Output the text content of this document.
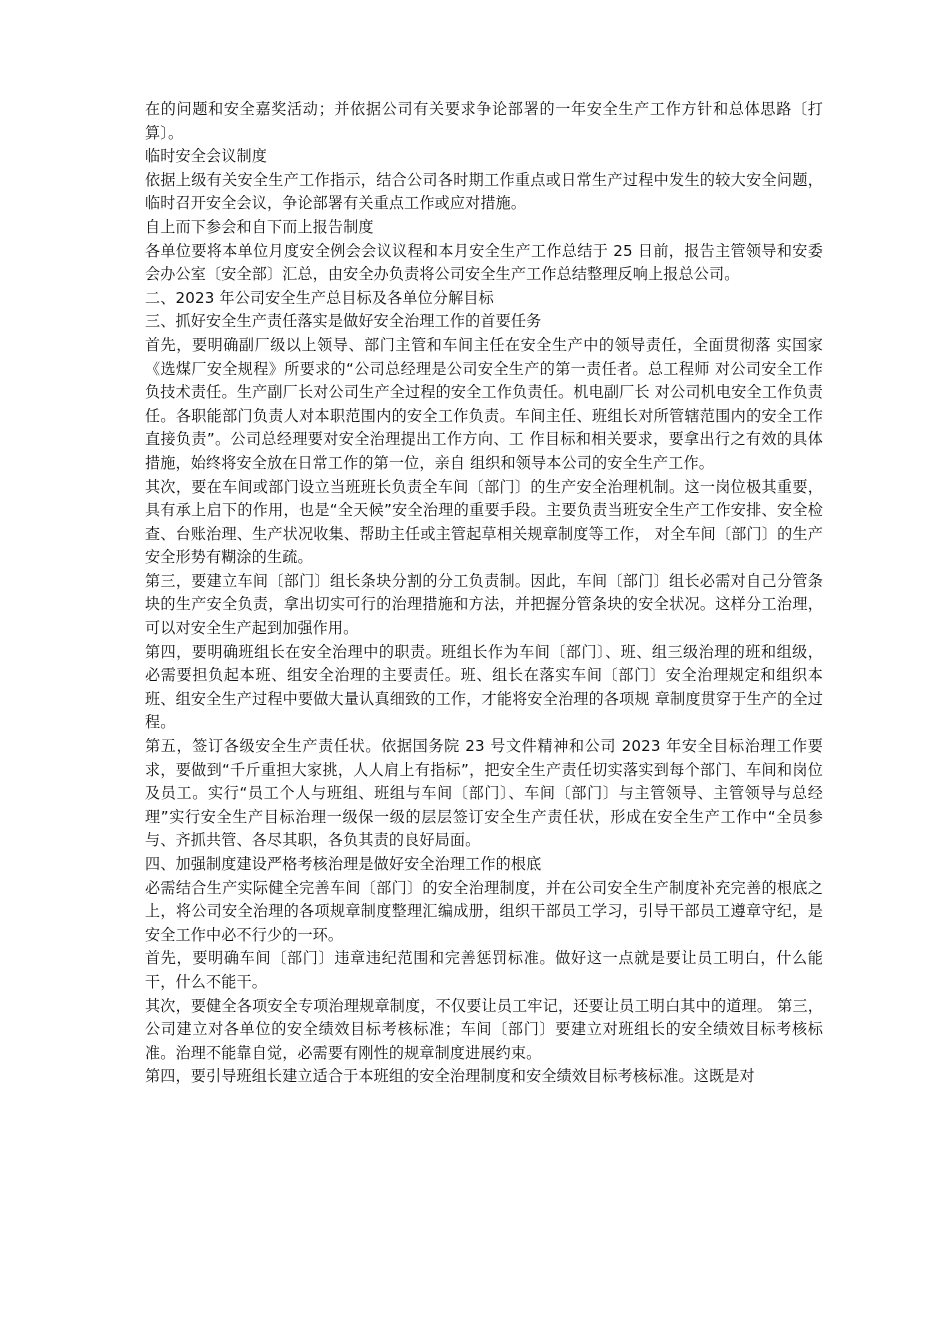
在的问题和安全嘉奖活动；并依据公司有关要求争论部署的一年安全生产工作方针和总体思路〔打算〕。

临时安全会议制度

依据上级有关安全生产工作指示，结合公司各时期工作重点或日常生产过程中发生的较大安全问题，临时召开安全会议，争论部署有关重点工作或应对措施。

自上而下参会和自下而上报告制度

各单位要将本单位月度安全例会会议议程和本月安全生产工作总结于 25 日前，报告主管领导和安委会办公室〔安全部〕汇总，由安全办负责将公司安全生产工作总结整理反响上报总公司。

二、2023 年公司安全生产总目标及各单位分解目标

三、抓好安全生产责任落实是做好安全治理工作的首要任务

首先，要明确副厂级以上领导、部门主管和车间主任在安全生产中的领导责任，全面贯彻落 实国家《选煤厂安全规程》所要求的“公司总经理是公司安全生产的第一责任者。总工程师 对公司安全工作负技术责任。生产副厂长对公司生产全过程的安全工作负责任。机电副厂长 对公司机电安全工作负责任。各职能部门负责人对本职范围内的安全工作负责。车间主任、班组长对所管辖范围内的安全工作直接负责”。公司总经理要对安全治理提出工作方向、工 作目标和相关要求，要拿出行之有效的具体措施，始终将安全放在日常工作的第一位，亲自 组织和领导本公司的安全生产工作。

其次，要在车间或部门设立当班班长负责全车间〔部门〕的生产安全治理机制。这一岗位极其重要，具有承上启下的作用，也是“全天候”安全治理的重要手段。主要负责当班安全生产工作安排、安全检查、台账治理、生产状况收集、帮助主任或主管起草相关规章制度等工作， 对全车间〔部门〕的生产安全形势有糊涂的生疏。

第三，要建立车间〔部门〕组长条块分割的分工负责制。因此，车间〔部门〕组长必需对自己分管条块的生产安全负责，拿出切实可行的治理措施和方法，并把握分管条块的安全状况。这样分工治理，可以对安全生产起到加强作用。

第四，要明确班组长在安全治理中的职责。班组长作为车间〔部门〕、班、组三级治理的班和组级，必需要担负起本班、组安全治理的主要责任。班、组长在落实车间〔部门〕安全治理规定和组织本班、组安全生产过程中要做大量认真细致的工作，才能将安全治理的各项规 章制度贯穿于生产的全过程。

第五，签订各级安全生产责任状。依据国务院 23 号文件精神和公司 2023 年安全目标治理工作要求，要做到“千斤重担大家挑，人人肩上有指标”，把安全生产责任切实落实到每个部门、车间和岗位及员工。实行“员工个人与班组、班组与车间〔部门〕、车间〔部门〕与主管领导、主管领导与总经理”实行安全生产目标治理一级保一级的层层签订安全生产责任状，形成在安全生产工作中“全员参与、齐抓共管、各尽其职，各负其责的良好局面。

四、加强制度建设严格考核治理是做好安全治理工作的根底

必需结合生产实际健全完善车间〔部门〕的安全治理制度，并在公司安全生产制度补充完善的根底之上，将公司安全治理的各项规章制度整理汇编成册，组织干部员工学习，引导干部员工遵章守纪，是安全工作中必不行少的一环。

首先，要明确车间〔部门〕违章违纪范围和完善惩罚标准。做好这一点就是要让员工明白，什么能干，什么不能干。

其次，要健全各项安全专项治理规章制度，不仅要让员工牢记，还要让员工明白其中的道理。 第三，公司建立对各单位的安全绩效目标考核标准；车间〔部门〕要建立对班组长的安全绩效目标考核标准。治理不能靠自觉，必需要有刚性的规章制度进展约束。

第四，要引导班组长建立适合于本班组的安全治理制度和安全绩效目标考核标准。这既是对
